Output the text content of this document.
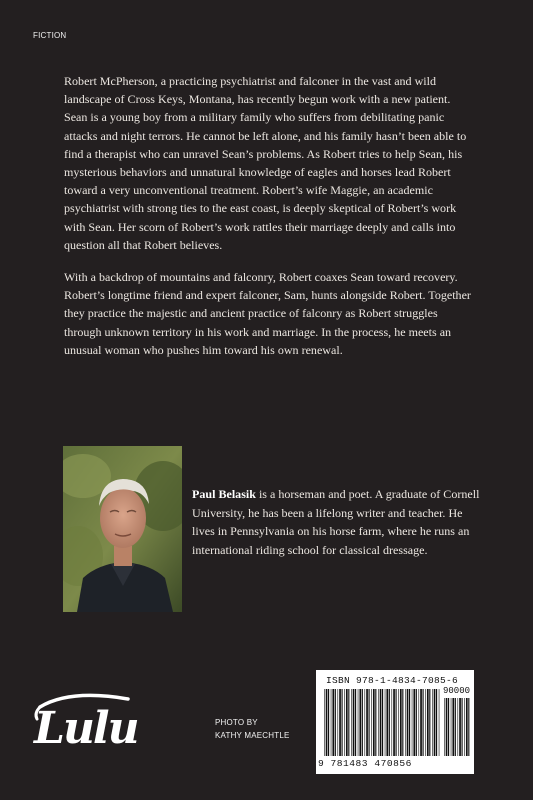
FICTION

Robert McPherson, a practicing psychiatrist and falconer in the vast and wild landscape of Cross Keys, Montana, has recently begun work with a new patient. Sean is a young boy from a military family who suffers from debilitating panic attacks and night terrors. He cannot be left alone, and his family hasn’t been able to find a therapist who can unravel Sean’s problems. As Robert tries to help Sean, his mysterious behaviors and unnatural knowledge of eagles and horses lead Robert toward a very unconventional treatment. Robert’s wife Maggie, an academic psychiatrist with strong ties to the east coast, is deeply skeptical of Robert’s work with Sean. Her scorn of Robert’s work rattles their marriage deeply and calls into question all that Robert believes.

With a backdrop of mountains and falconry, Robert coaxes Sean toward recovery. Robert’s longtime friend and expert falconer, Sam, hunts alongside Robert. Together they practice the majestic and ancient practice of falconry as Robert struggles through unknown territory in his work and marriage. In the process, he meets an unusual woman who pushes him toward his own renewal.

Paul Belasik is a horseman and poet. A graduate of Cornell University, he has been a lifelong writer and teacher. He lives in Pennsylvania on his horse farm, where he runs an international riding school for classical dressage.
Lulu	PHOTO BY
KATHY MAECHTLE
ISBN 978-1-4834-7085-6
90000
9 781483 470856
